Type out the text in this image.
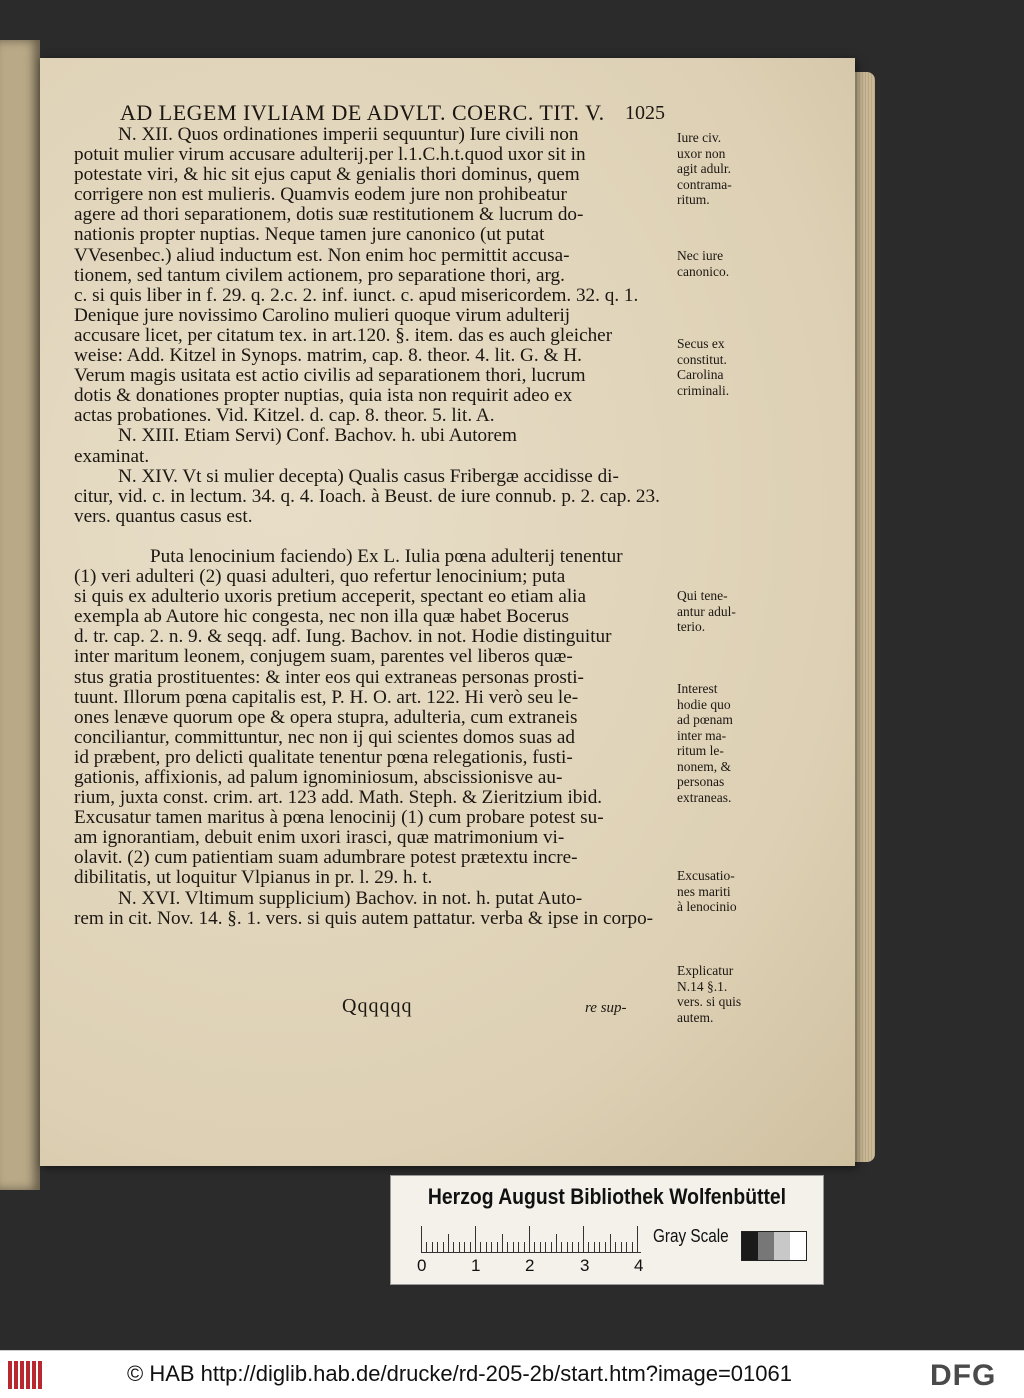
AD LEGEM IVLIAM DE ADVLT. COERC. TIT. V.	1025
N. XII. Quos ordinationes imperii sequuntur) Iure civili non
potuit mulier virum accusare adulterij.per l.1.C.h.t.quod uxor sit in
potestate viri, & hic sit ejus caput & genialis thori dominus, quem
corrigere non est mulieris. Quamvis eodem jure non prohibeatur
agere ad thori separationem, dotis suæ restitutionem & lucrum do-
nationis propter nuptias. Neque tamen jure canonico (ut putat
VVesenbec.) aliud inductum est. Non enim hoc permittit accusa-
tionem, sed tantum civilem actionem, pro separatione thori, arg.
c. si quis liber in f. 29. q. 2.c. 2. inf. iunct. c. apud misericordem. 32. q. 1.
Denique jure novissimo Carolino mulieri quoque virum adulterij
accusare licet, per citatum tex. in art.120. §. item. das es auch gleicher
weise: Add. Kitzel in Synops. matrim, cap. 8. theor. 4. lit. G. & H.
Verum magis usitata est actio civilis ad separationem thori, lucrum
dotis & donationes propter nuptias, quia ista non requirit adeo ex
actas probationes. Vid. Kitzel. d. cap. 8. theor. 5. lit. A.
N. XIII. Etiam Servi) Conf. Bachov. h. ubi Autorem
examinat.
N. XIV. Vt si mulier decepta) Qualis casus Fribergæ accidisse di-
citur, vid. c. in lectum. 34. q. 4. Ioach. à Beust. de iure connub. p. 2. cap. 23.
vers. quantus casus est.
Puta lenocinium faciendo) Ex L. Iulia pœna adulterij tenentur
(1) veri adulteri (2) quasi adulteri, quo refertur lenocinium; puta
si quis ex adulterio uxoris pretium acceperit, spectant eo etiam alia
exempla ab Autore hic congesta, nec non illa quæ habet Bocerus
d. tr. cap. 2. n. 9. & seqq. adf. Iung. Bachov. in not. Hodie distinguitur
inter maritum leonem, conjugem suam, parentes vel liberos quæ-
stus gratia prostituentes: & inter eos qui extraneas personas prosti-
tuunt. Illorum pœna capitalis est, P. H. O. art. 122. Hi verò seu le-
ones lenæve quorum ope & opera stupra, adulteria, cum extraneis
conciliantur, committuntur, nec non ij qui scientes domos suas ad
id præbent, pro delicti qualitate tenentur pœna relegationis, fusti-
gationis, affixionis, ad palum ignominiosum, abscissionisve au-
rium, juxta const. crim. art. 123 add. Math. Steph. & Zieritzium ibid.
Excusatur tamen maritus à pœna lenocinij (1) cum probare potest su-
am ignorantiam, debuit enim uxori irasci, quæ matrimonium vi-
olavit. (2) cum patientiam suam adumbrare potest prætextu incre-
dibilitatis, ut loquitur Vlpianus in pr. l. 29. h. t.
N. XVI. Vltimum supplicium) Bachov. in not. h. putat Auto-
rem in cit. Nov. 14. §. 1. vers. si quis autem pattatur. verba & ipse in corpo-
Iure civ.
uxor non
agit adulr.
contrama-
ritum.
Nec iure
canonico.
Secus ex
constitut.
Carolina
criminali.
Qui tene-
antur adul-
terio.
Interest
hodie quo
ad pœnam
inter ma-
ritum le-
nonem, &
personas
extraneas.
Excusatio-
nes mariti
à lenocinio
Explicatur
N.14 §.1.
vers. si quis
autem.
Qqqqqq	re sup-
Herzog August Bibliothek Wolfenbüttel
0	1	2	3	4
Gray Scale
© HAB http://diglib.hab.de/drucke/rd-205-2b/start.htm?image=01061	DFG
